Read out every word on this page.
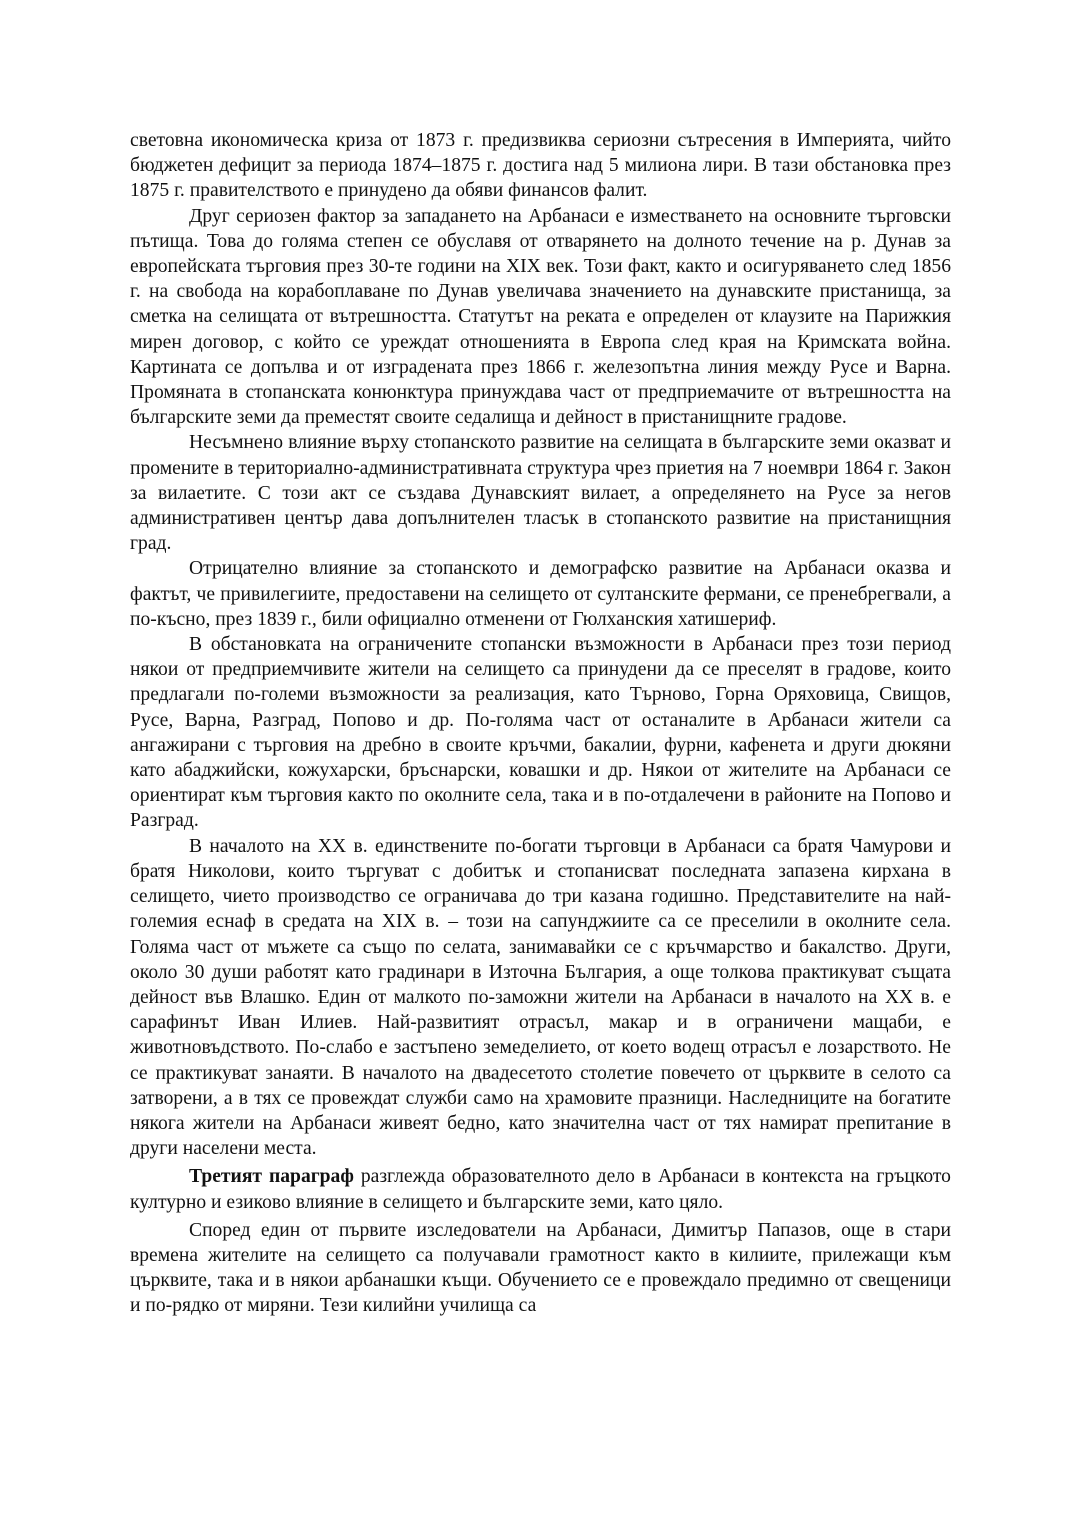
световна икономическа криза от 1873 г. предизвиква сериозни сътресения в Империята, чийто бюджетен дефицит за периода 1874–1875 г. достига над 5 милиона лири. В тази обстановка през 1875 г. правителството е принудено да обяви финансов фалит.

Друг сериозен фактор за западането на Арбанаси е изместването на основните търговски пътища. Това до голяма степен се обуславя от отварянето на долното течение на р. Дунав за европейската търговия през 30-те години на ХІХ век. Този факт, както и осигуряването след 1856 г. на свобода на корабоплаване по Дунав увеличава значението на дунавските пристанища, за сметка на селищата от вътрешността. Статутът на реката е определен от клаузите на Парижкия мирен договор, с който се уреждат отношенията в Европа след края на Кримската война. Картината се допълва и от изградената през 1866 г. железопътна линия между Русе и Варна. Промяната в стопанската конюнктура принуждава част от предприемачите от вътрешността на българските земи да преместят своите седалища и дейност в пристанищните градове.

Несъмнено влияние върху стопанското развитие на селищата в българските земи оказват и промените в териториално-административната структура чрез приетия на 7 ноември 1864 г. Закон за вилаетите. С този акт се създава Дунавският вилает, а определянето на Русе за негов административен център дава допълнителен тласък в стопанското развитие на пристанищния град.

Отрицателно влияние за стопанското и демографско развитие на Арбанаси оказва и фактът, че привилегиите, предоставени на селището от султанските фермани, се пренебрегвали, а по-късно, през 1839 г., били официално отменени от Гюлханския хатишериф.

В обстановката на ограничените стопански възможности в Арбанаси през този период някои от предприемчивите жители на селището са принудени да се преселят в градове, които предлагали по-големи възможности за реализация, като Търново, Горна Оряховица, Свищов, Русе, Варна, Разград, Попово и др. По-голяма част от останалите в Арбанаси жители са ангажирани с търговия на дребно в своите кръчми, бакалии, фурни, кафенета и други дюкяни като абаджийски, кожухарски, бръснарски, ковашки и др. Някои от жителите на Арбанаси се ориентират към търговия както по околните села, така и в по-отдалечени в районите на Попово и Разград.

В началото на ХХ в. единствените по-богати търговци в Арбанаси са братя Чамурови и братя Николови, които търгуват с добитък и стопанисват последната запазена кирхана в селището, чието производство се ограничава до три казана годишно. Представителите на най-големия еснаф в средата на ХІХ в. – този на сапунджиите са се преселили в околните села. Голяма част от мъжете са също по селата, занимавайки се с кръчмарство и бакалство. Други, около 30 души работят като градинари в Източна България, а още толкова практикуват същата дейност във Влашко. Един от малкото по-заможни жители на Арбанаси в началото на ХХ в. е сарафинът Иван Илиев. Най-развитият отрасъл, макар и в ограничени мащаби, е животновъдството. По-слабо е застъпено земеделието, от което водещ отрасъл е лозарството. Не се практикуват занаяти. В началото на двадесетото столетие повечето от църквите в селото са затворени, а в тях се провеждат служби само на храмовите празници. Наследниците на богатите някога жители на Арбанаси живеят бедно, като значителна част от тях намират препитание в други населени места.

Третият параграф разглежда образователното дело в Арбанаси в контекста на гръцкото културно и езиково влияние в селището и българските земи, като цяло.

Според един от първите изследователи на Арбанаси, Димитър Папазов, още в стари времена жителите на селището са получавали грамотност както в килиите, прилежащи към църквите, така и в някои арбанашки къщи. Обучението се е провеждало предимно от свещеници и по-рядко от миряни. Тези килийни училища са
